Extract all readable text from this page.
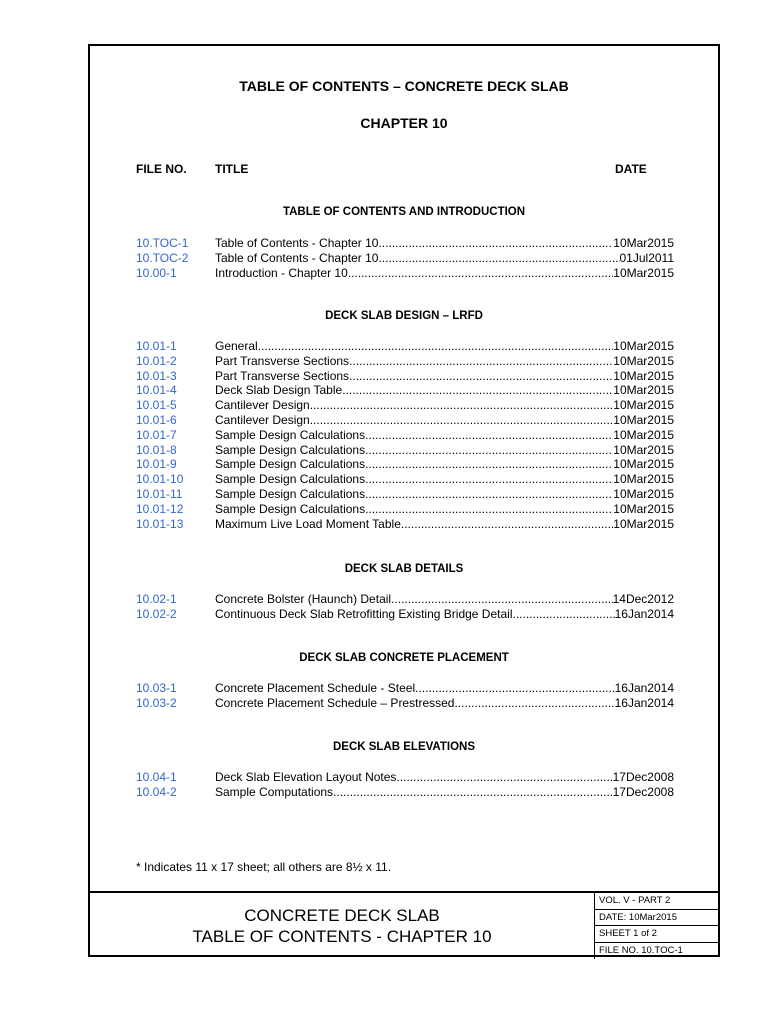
TABLE OF CONTENTS – CONCRETE DECK SLAB
CHAPTER 10
FILE NO. TITLE	DATE
TABLE OF CONTENTS AND INTRODUCTION
10.TOC-1 Table of Contents - Chapter 10 .....	10Mar2015
10.TOC-2 Table of Contents - Chapter 10 .....	01Jul2011
10.00-1	Introduction - Chapter 10 .....	10Mar2015
DECK SLAB DESIGN – LRFD
10.01-1	General .....	10Mar2015
10.01-2	Part Transverse Sections .....	10Mar2015
10.01-3	Part Transverse Sections .....	10Mar2015
10.01-4	Deck Slab Design Table .....	10Mar2015
10.01-5	Cantilever Design .....	10Mar2015
10.01-6	Cantilever Design .....	10Mar2015
10.01-7	Sample Design Calculations .....	10Mar2015
10.01-8	Sample Design Calculations .....	10Mar2015
10.01-9	Sample Design Calculations .....	10Mar2015
10.01-10	Sample Design Calculations .....	10Mar2015
10.01-11	Sample Design Calculations .....	10Mar2015
10.01-12	Sample Design Calculations .....	10Mar2015
10.01-13	Maximum Live Load Moment Table .....	10Mar2015
DECK SLAB DETAILS
10.02-1	Concrete Bolster (Haunch) Detail .....	14Dec2012
10.02-2	Continuous Deck Slab Retrofitting Existing Bridge Detail .....	16Jan2014
DECK SLAB CONCRETE PLACEMENT
10.03-1	Concrete Placement Schedule - Steel .....	16Jan2014
10.03-2	Concrete Placement Schedule – Prestressed .....	16Jan2014
DECK SLAB ELEVATIONS
10.04-1	Deck Slab Elevation Layout Notes .....	17Dec2008
10.04-2	Sample Computations .....	17Dec2008
* Indicates 11 x 17 sheet; all others are 8½ x 11.
CONCRETE DECK SLAB
TABLE OF CONTENTS - CHAPTER 10
VOL. V - PART 2
DATE: 10Mar2015
SHEET 1 of 2
FILE NO. 10.TOC-1
